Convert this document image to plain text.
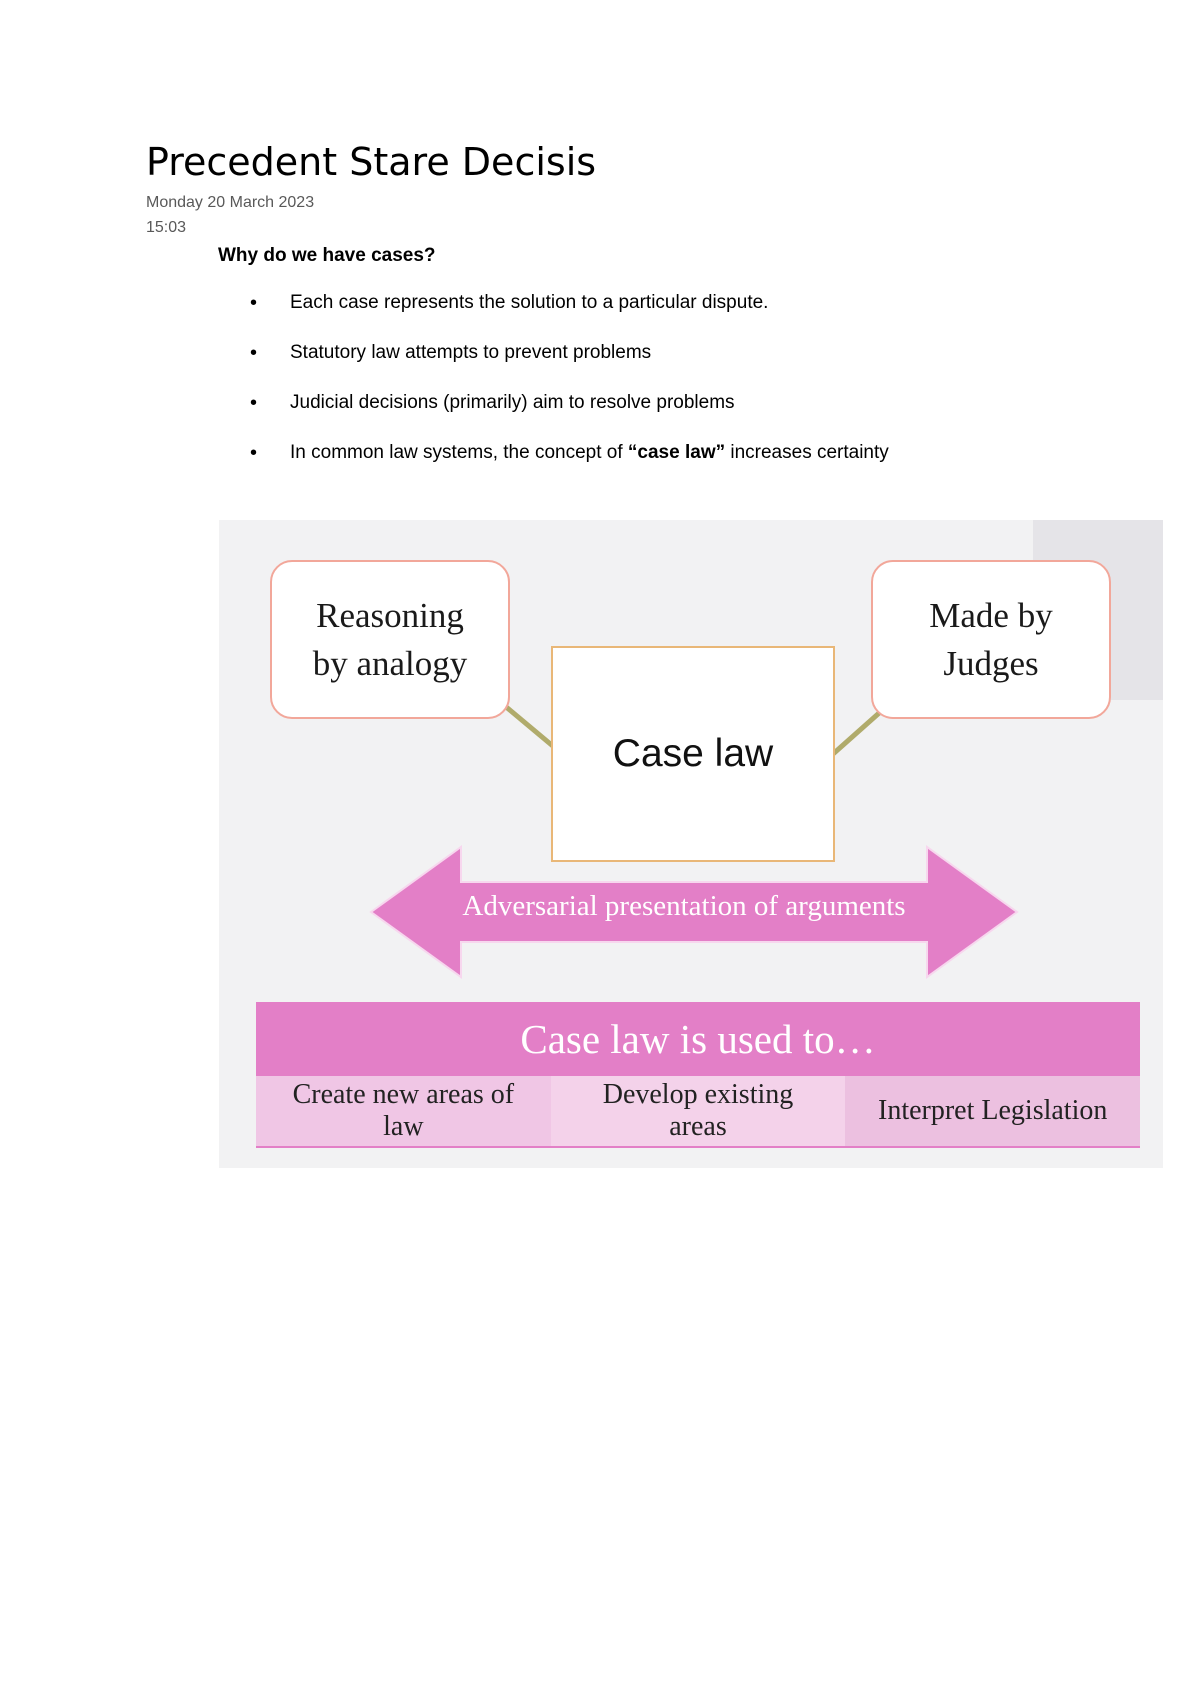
Precedent Stare Decisis
Monday 20 March 2023
15:03
Why do we have cases?
• Each case represents the solution to a particular dispute.
• Statutory law attempts to prevent problems
• Judicial decisions (primarily) aim to resolve problems
• In common law systems, the concept of “case law” increases certainty
Reasoning
by analogy
Made by
Judges
Case law
Adversarial presentation of arguments
Case law is used to…
Create new areas of
law
Develop existing
areas
Interpret Legislation
